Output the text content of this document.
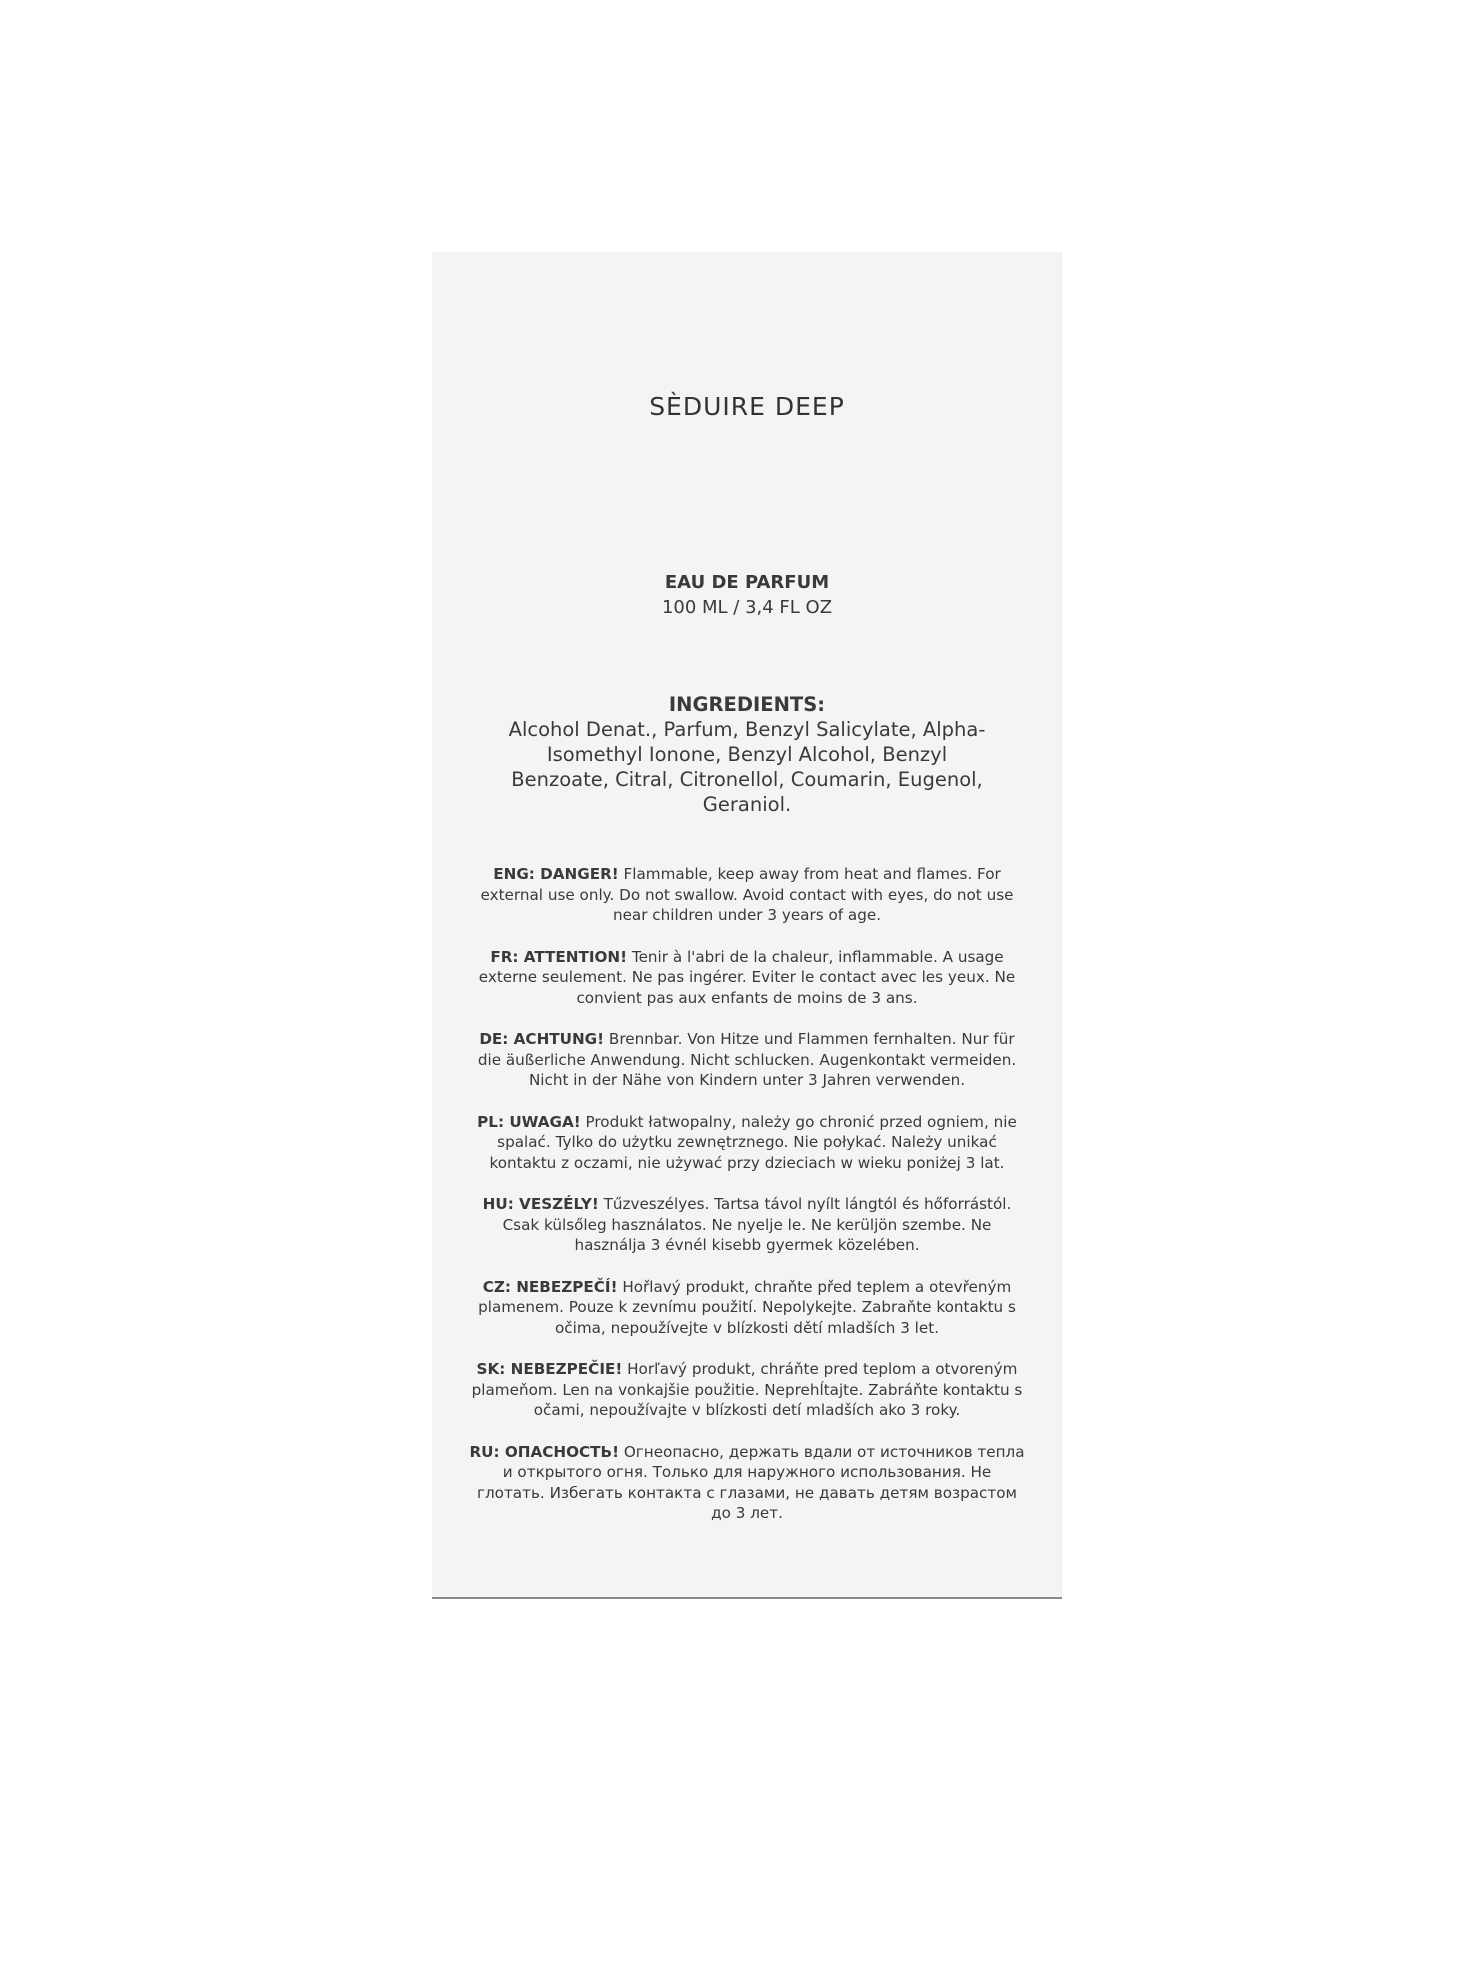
SÈDUIRE DEEP
EAU DE PARFUM
100 ML / 3,4 FL OZ
INGREDIENTS:
Alcohol Denat., Parfum, Benzyl Salicylate, Alpha-Isomethyl Ionone, Benzyl Alcohol, Benzyl Benzoate, Citral, Citronellol, Coumarin, Eugenol, Geraniol.
ENG: DANGER! Flammable, keep away from heat and flames. For external use only. Do not swallow. Avoid contact with eyes, do not use near children under 3 years of age.
FR: ATTENTION! Tenir à l'abri de la chaleur, inflammable. A usage externe seulement. Ne pas ingérer. Eviter le contact avec les yeux. Ne convient pas aux enfants de moins de 3 ans.
DE: ACHTUNG! Brennbar. Von Hitze und Flammen fernhalten. Nur für die äußerliche Anwendung. Nicht schlucken. Augenkontakt vermeiden. Nicht in der Nähe von Kindern unter 3 Jahren verwenden.
PL: UWAGA! Produkt łatwopalny, należy go chronić przed ogniem, nie spalać. Tylko do użytku zewnętrznego. Nie połykać. Należy unikać kontaktu z oczami, nie używać przy dzieciach w wieku poniżej 3 lat.
HU: VESZÉLY! Tűzveszélyes. Tartsa távol nyílt lángtól és hőforrástól. Csak külsőleg használatos. Ne nyelje le. Ne kerüljön szembe. Ne használja 3 évnél kisebb gyermek közelében.
CZ: NEBEZPEČÍ! Hořlavý produkt, chraňte před teplem a otevřeným plamenem. Pouze k zevnímu použití. Nepolykejte. Zabraňte kontaktu s očima, nepoužívejte v blízkosti dětí mladších 3 let.
SK: NEBEZPEČIE! Horľavý produkt, chráňte pred teplom a otvoreným plameňom. Len na vonkajšie použitie. Neprehĺtajte. Zabráňte kontaktu s očami, nepoužívajte v blízkosti detí mladších ako 3 roky.
RU: ОПАСНОСТЬ! Огнеопасно, держать вдали от источников тепла и открытого огня. Только для наружного использования. Не глотать. Избегать контакта с глазами, не давать детям возрастом до 3 лет.
